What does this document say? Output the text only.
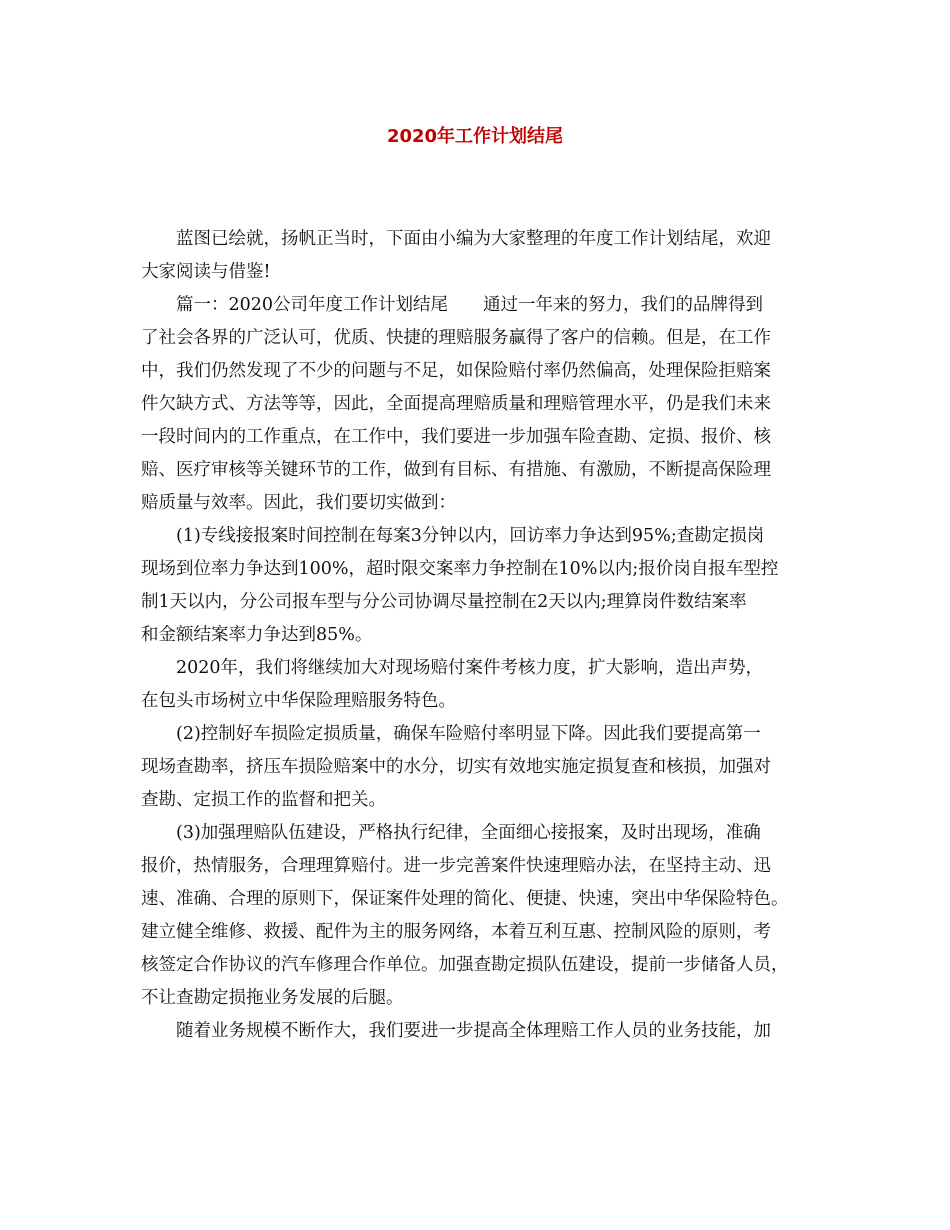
2020年工作计划结尾

蓝图已绘就，扬帆正当时，下面由小编为大家整理的年度工作计划结尾，欢迎

大家阅读与借鉴!

篇一：2020公司年度工作计划结尾　　通过一年来的努力，我们的品牌得到

了社会各界的广泛认可，优质、快捷的理赔服务赢得了客户的信赖。但是，在工作

中，我们仍然发现了不少的问题与不足，如保险赔付率仍然偏高，处理保险拒赔案

件欠缺方式、方法等等，因此，全面提高理赔质量和理赔管理水平，仍是我们未来

一段时间内的工作重点，在工作中，我们要进一步加强车险查勘、定损、报价、核

赔、医疗审核等关键环节的工作，做到有目标、有措施、有激励，不断提高保险理

赔质量与效率。因此，我们要切实做到：

(1)专线接报案时间控制在每案3分钟以内，回访率力争达到95%;查勘定损岗

现场到位率力争达到100%，超时限交案率力争控制在10%以内;报价岗自报车型控

制1天以内，分公司报车型与分公司协调尽量控制在2天以内;理算岗件数结案率

和金额结案率力争达到85%。

2020年，我们将继续加大对现场赔付案件考核力度，扩大影响，造出声势，

在包头市场树立中华保险理赔服务特色。

(2)控制好车损险定损质量，确保车险赔付率明显下降。因此我们要提高第一

现场查勘率，挤压车损险赔案中的水分，切实有效地实施定损复查和核损，加强对

查勘、定损工作的监督和把关。

(3)加强理赔队伍建设，严格执行纪律，全面细心接报案，及时出现场，准确

报价，热情服务，合理理算赔付。进一步完善案件快速理赔办法，在坚持主动、迅

速、准确、合理的原则下，保证案件处理的简化、便捷、快速，突出中华保险特色。

建立健全维修、救援、配件为主的服务网络，本着互利互惠、控制风险的原则，考

核签定合作协议的汽车修理合作单位。加强查勘定损队伍建设，提前一步储备人员，

不让查勘定损拖业务发展的后腿。

随着业务规模不断作大，我们要进一步提高全体理赔工作人员的业务技能，加
